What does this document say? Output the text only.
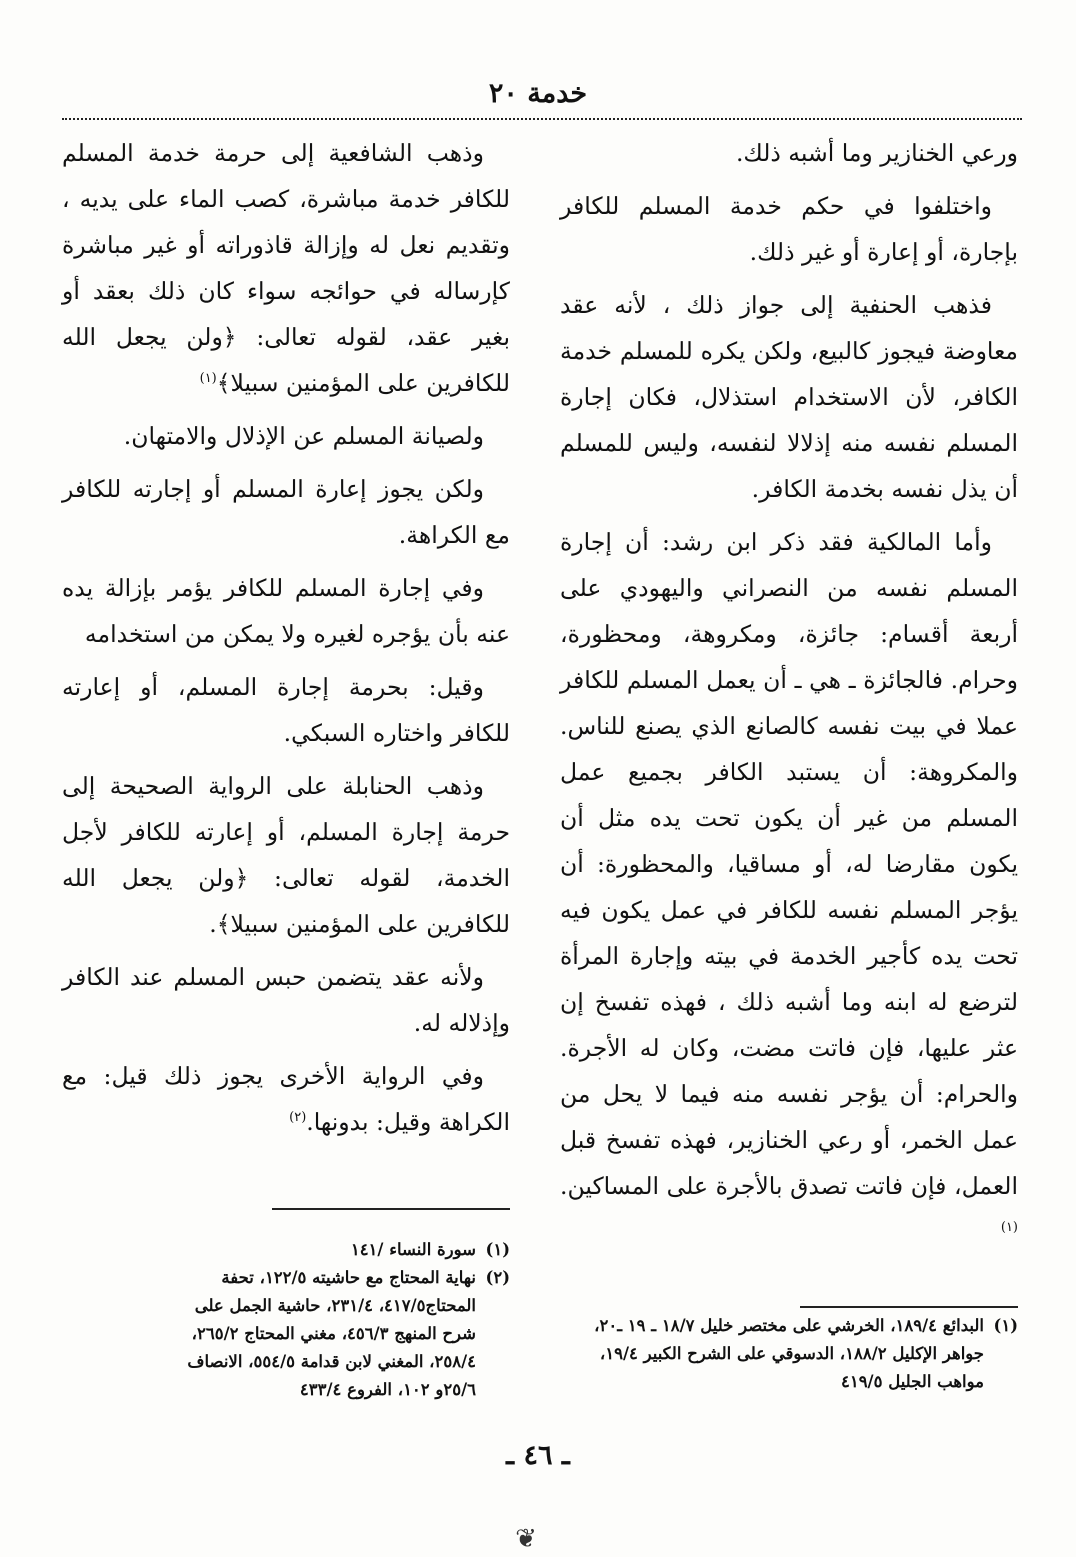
خدمة ٢٠

ورعي الخنازير وما أشبه ذلك.

واختلفوا في حكم خدمة المسلم للكافر بإجارة، أو إعارة أو غير ذلك.

فذهب الحنفية إلى جواز ذلك ، لأنه عقد معاوضة فيجوز كالبيع، ولكن يكره للمسلم خدمة الكافر، لأن الاستخدام استذلال، فكان إجارة المسلم نفسه منه إذلالا لنفسه، وليس للمسلم أن يذل نفسه بخدمة الكافر.

وأما المالكية فقد ذكر ابن رشد: أن إجارة المسلم نفسه من النصراني واليهودي على أربعة أقسام: جائزة، ومكروهة، ومحظورة، وحرام. فالجائزة ـ هي ـ أن يعمل المسلم للكافر عملا في بيت نفسه كالصانع الذي يصنع للناس. والمكروهة: أن يستبد الكافر بجميع عمل المسلم من غير أن يكون تحت يده مثل أن يكون مقارضا له، أو مساقيا، والمحظورة: أن يؤجر المسلم نفسه للكافر في عمل يكون فيه تحت يده كأجير الخدمة في بيته وإجارة المرأة لترضع له ابنه وما أشبه ذلك ، فهذه تفسخ إن عثر عليها، فإن فاتت مضت، وكان له الأجرة. والحرام: أن يؤجر نفسه منه فيما لا يحل من عمل الخمر، أو رعي الخنازير، فهذه تفسخ قبل العمل، فإن فاتت تصدق بالأجرة على المساكين.$^{(١)}$

وذهب الشافعية إلى حرمة خدمة المسلم للكافر خدمة مباشرة، كصب الماء على يديه ، وتقديم نعل له وإزالة قاذوراته أو غير مباشرة كإرساله في حوائجه سواء كان ذلك بعقد أو بغير عقد، لقوله تعالى: ﴿ولن يجعل الله للكافرين على المؤمنين سبيلا﴾$^{(١)}$

ولصيانة المسلم عن الإذلال والامتهان.

ولكن يجوز إعارة المسلم أو إجارته للكافر مع الكراهة.

وفي إجارة المسلم للكافر يؤمر بإزالة يده عنه بأن يؤجره لغيره ولا يمكن من استخدامه

وقيل: بحرمة إجارة المسلم، أو إعارته للكافر واختاره السبكي.

وذهب الحنابلة على الرواية الصحيحة إلى حرمة إجارة المسلم، أو إعارته للكافر لأجل الخدمة، لقوله تعالى: ﴿ولن يجعل الله للكافرين على المؤمنين سبيلا﴾.

ولأنه عقد يتضمن حبس المسلم عند الكافر وإذلاله له.

وفي الرواية الأخرى يجوز ذلك قيل: مع الكراهة وقيل: بدونها.$^{(٢)}$

(١)
سورة النساء /١٤١
(٢)
نهاية المحتاج مع حاشيته ١٢٢/٥، تحفة المحتاج٤١٧/٥، ٢٣١/٤، حاشية الجمل على شرح المنهج ٤٥٦/٣، مغني المحتاج ٢٦٥/٢، ٢٥٨/٤، المغني لابن قدامة ٥٥٤/٥، الانصاف ٢٥/٦و ١٠٢، الفروع ٤٣٣/٤
(١)
البدائع ١٨٩/٤، الخرشي على مختصر خليل ١٨/٧ ـ ١٩ ـ٢٠، جواهر الإكليل ١٨٨/٢، الدسوقي على الشرح الكبير ١٩/٤، مواهب الجليل ٤١٩/٥
ـ ٤٦ ـ
❦
